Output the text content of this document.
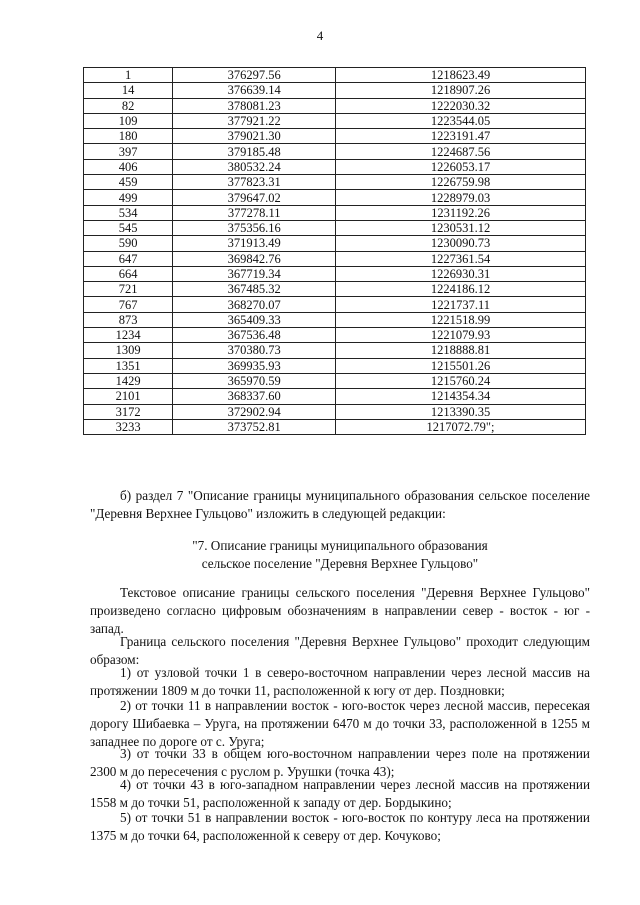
4
1	376297.56	1218623.49
14	376639.14	1218907.26
82	378081.23	1222030.32
109	377921.22	1223544.05
180	379021.30	1223191.47
397	379185.48	1224687.56
406	380532.24	1226053.17
459	377823.31	1226759.98
499	379647.02	1228979.03
534	377278.11	1231192.26
545	375356.16	1230531.12
590	371913.49	1230090.73
647	369842.76	1227361.54
664	367719.34	1226930.31
721	367485.32	1224186.12
767	368270.07	1221737.11
873	365409.33	1221518.99
1234	367536.48	1221079.93
1309	370380.73	1218888.81
1351	369935.93	1215501.26
1429	365970.59	1215760.24
2101	368337.60	1214354.34
3172	372902.94	1213390.35
3233	373752.81	1217072.79";

б) раздел 7 "Описание границы муниципального образования сельское поселение "Деревня Верхнее Гульцово" изложить в следующей редакции:

"7. Описание границы муниципального образования
сельское поселение "Деревня Верхнее Гульцово"

Текстовое описание границы сельского поселения "Деревня Верхнее Гульцово" произведено согласно цифровым обозначениям в направлении север - восток - юг - запад.

Граница сельского поселения "Деревня Верхнее Гульцово" проходит следующим образом:

1) от узловой точки 1 в северо-восточном направлении через лесной массив на протяжении 1809 м до точки 11, расположенной к югу от дер. Поздновки;

2) от точки 11 в направлении восток - юго-восток через лесной массив, пересекая дорогу Шибаевка – Уруга, на протяжении 6470 м до точки 33, расположенной в 1255 м западнее по дороге от с. Уруга;

3) от точки 33 в общем юго-восточном направлении через поле на протяжении 2300 м до пересечения с руслом р. Урушки (точка 43);

4) от точки 43 в юго-западном направлении через лесной массив на протяжении 1558 м до точки 51, расположенной к западу от дер. Бордыкино;

5) от точки 51 в направлении восток - юго-восток по контуру леса на протяжении 1375 м до точки 64, расположенной к северу от дер. Кочуково;
